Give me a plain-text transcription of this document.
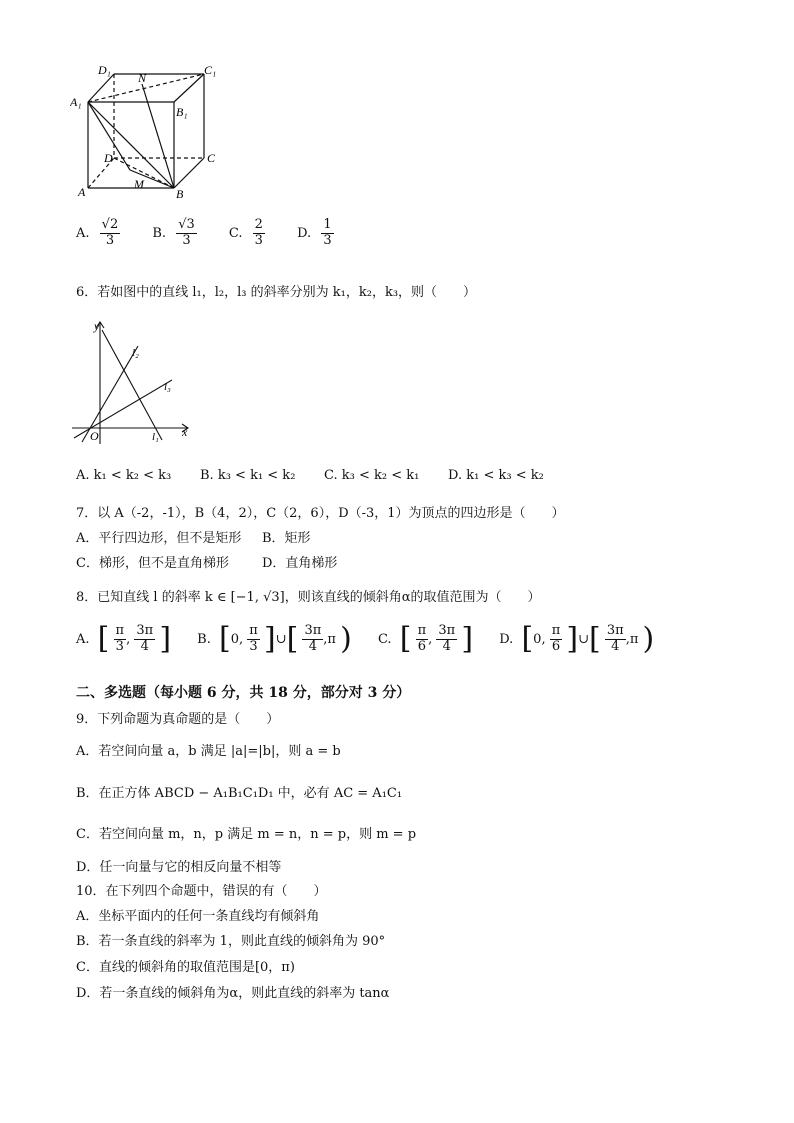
D₁
N
C₁
A₁
B₁
D	C
M
A	B
A. $\frac{√2}{3} B$. $\frac{√3}{3} C$. $\frac{2}{3} D$. $\frac{1}{3}$
6．若如图中的直线 l₁，l₂，l₃ 的斜率分别为 k₁，k₂，k₃，则（　　）
y
x
O	l₁
l₂
l₃
A. k₁ < k₂ < k₃ B. k₃ < k₁ < k₂ C. k₃ < k₂ < k₁ D. k₁ < k₃ < k₂
7．以 A（-2，-1），B（4，2），C（2，6），D（-3，1）为顶点的四边形是（　　）
A．平行四边形，但不是矩形 B．矩形
C．梯形，但不是直角梯形	D．直角梯形
8．已知直线 l 的斜率 k ∈ [−1, √3]，则该直线的倾斜角α的取值范围为（　　）
A. [ $\frac{\pi}{3}$ , $\frac{3\pi}{4}$ ] B. [0, $\frac{\pi}{3}$ ]∪[ $\frac{3\pi}{4} ,\pi$ ) C. [ $\frac{\pi}{6}$ , $\frac{3\pi}{4}$ ] D. [0, $\frac{\pi}{6}$ ]∪[ $\frac{3\pi}{4} ,\pi$ )
二、多选题（每小题 6 分，共 18 分，部分对 3 分）
9．下列命题为真命题的是（　　）
A．若空间向量 a，b 满足 |a|=|b|，则 a = b
B．在正方体 ABCD − A₁B₁C₁D₁ 中，必有 AC = A₁C₁
C．若空间向量 m，n，p 满足 m = n，n = p，则 m = p
D．任一向量与它的相反向量不相等
10．在下列四个命题中，错误的有（　　）
A．坐标平面内的任何一条直线均有倾斜角
B．若一条直线的斜率为 1，则此直线的倾斜角为 90°
C．直线的倾斜角的取值范围是[0，π)
D．若一条直线的倾斜角为α，则此直线的斜率为 tanα
